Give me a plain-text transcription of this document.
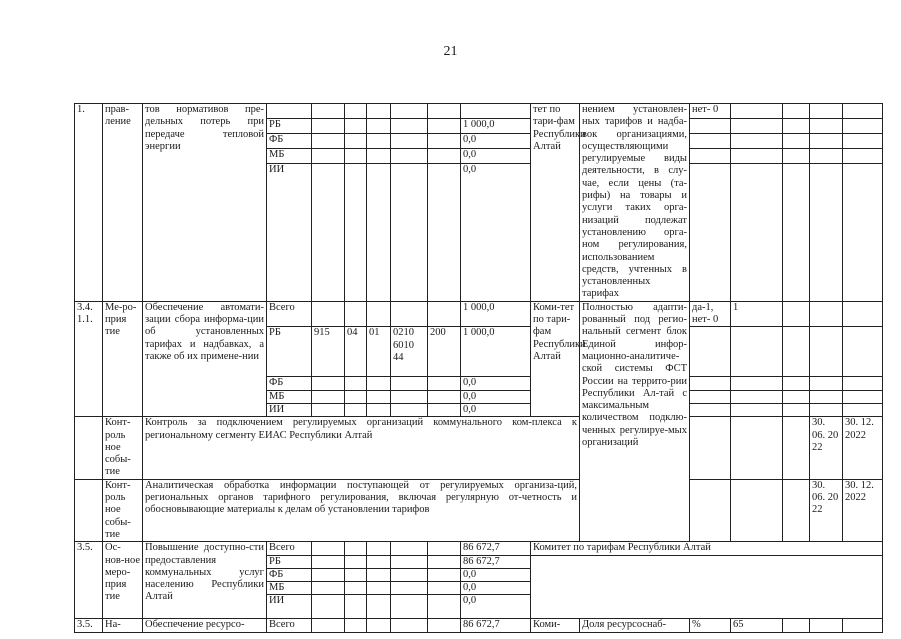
21
1.	прав-ление	тов нормативов пре-дельных потерь при передаче тепловой энергии								тет по тари-фам Республики Алтай	нением установлен-ных тарифов и надба-вок организациями, осуществляющими регулируемые виды деятельности, в слу-чае, если цены (та-рифы) на товары и услуги таких орга-низаций подлежат установлению орга-ном регулирования, использованием средств, учтенных в установленных тарифах	нет- 0				
			РБ						1 000,0							
			ФБ						0,0							
			МБ						0,0							
			ИИ						0,0							
3.4. 1.1.	Ме-ро-прия тие	Обеспечение автомати-зации сбора информа-ции об установленных тарифах и надбавках, а также об их примене-нии	Всего						1 000,0	Коми-тет по тари-фам Республики Алтай	Полностью адапти-рованный под регио-нальный сегмент блок Единой инфор-мационно-аналитиче-ской системы ФСТ России на террито-рии Республики Ал-тай с максимальным количеством подклю-ченных регулируе-мых организаций	да-1, нет- 0	1			
			РБ	915	04	01	0210 6010 44	200	1 000,0							
			ФБ						0,0							
			МБ						0,0							
			ИИ						0,0							
	Конт-роль ное собы-тие	Контроль за подключением регулируемых организаций коммунального ком-плекса к региональному сегменту ЕИАС Республики Алтай													30. 06. 20 22	30. 12. 2022
	Конт-роль ное собы-тие	Аналитическая обработка информации поступающей от регулируемых организа-ций, региональных органов тарифного регулирования, включая регулярную от-четность и обосновывающие материалы к делам об установлении тарифов													30. 06. 20 22	30. 12. 2022
3.5.	Ос-нов-ное меро-прия тие	Повышение доступно-сти предоставления коммунальных услуг населению Республики Алтай	Всего						86 672,7	Комитет по тарифам Республики Алтай						
			РБ						86 672,7							
			ФБ						0,0							
			МБ						0,0							
			ИИ						0,0							
3.5.	На-	Обеспечение ресурсо-	Всего						86 672,7	Коми-	Доля ресурсоснаб-	%	65			
